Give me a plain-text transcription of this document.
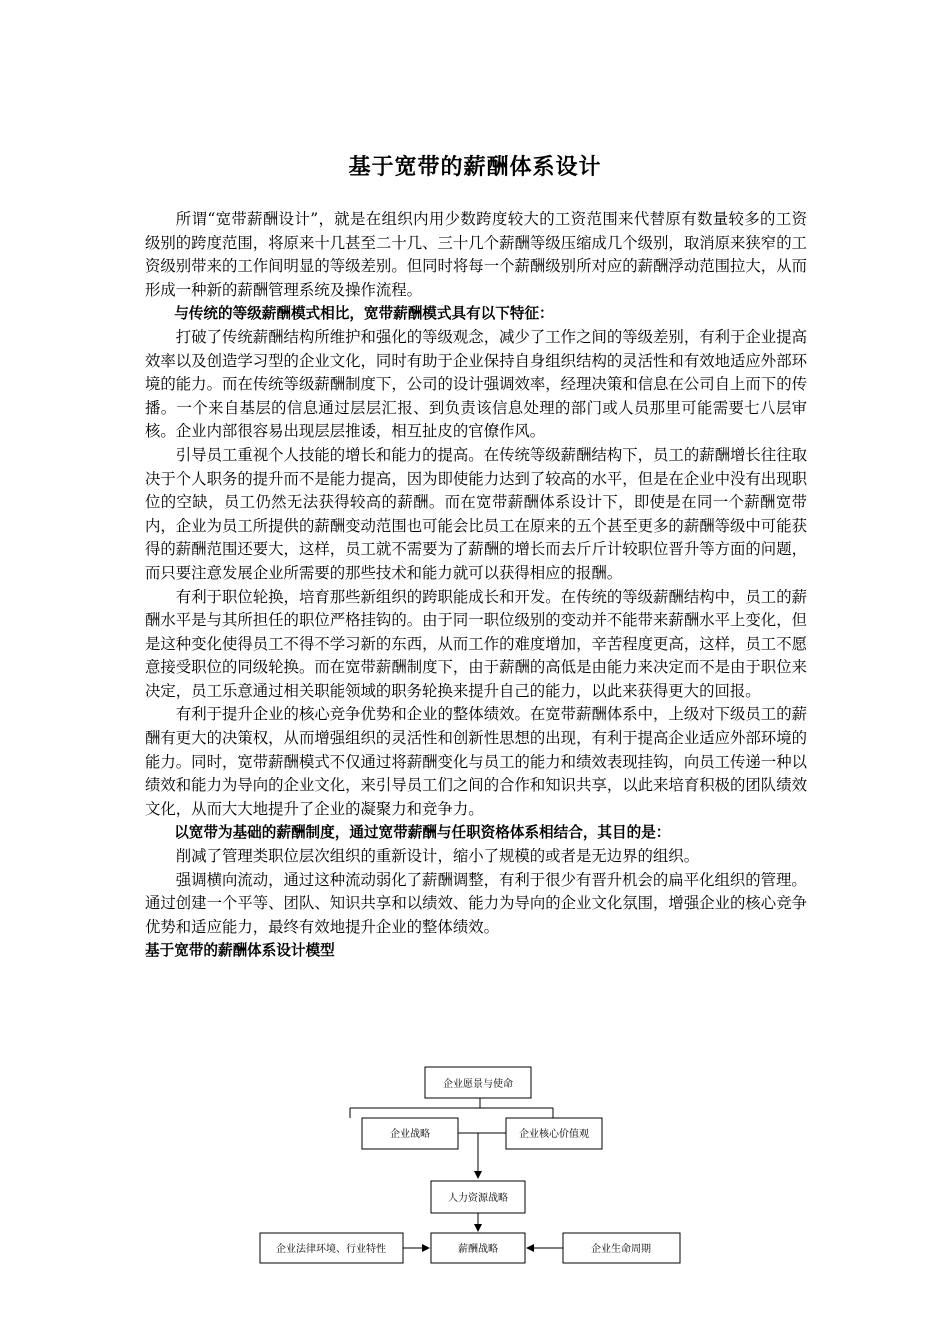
基于宽带的薪酬体系设计

所谓“宽带薪酬设计”，就是在组织内用少数跨度较大的工资范围来代替原有数量较多的工资级别的跨度范围，将原来十几甚至二十几、三十几个薪酬等级压缩成几个级别，取消原来狭窄的工资级别带来的工作间明显的等级差别。但同时将每一个薪酬级别所对应的薪酬浮动范围拉大，从而形成一种新的薪酬管理系统及操作流程。

与传统的等级薪酬模式相比，宽带薪酬模式具有以下特征：

打破了传统薪酬结构所维护和强化的等级观念，减少了工作之间的等级差别，有利于企业提高效率以及创造学习型的企业文化，同时有助于企业保持自身组织结构的灵活性和有效地适应外部环境的能力。而在传统等级薪酬制度下，公司的设计强调效率，经理决策和信息在公司自上而下的传播。一个来自基层的信息通过层层汇报、到负责该信息处理的部门或人员那里可能需要七八层审核。企业内部很容易出现层层推诿，相互扯皮的官僚作风。

引导员工重视个人技能的增长和能力的提高。在传统等级薪酬结构下，员工的薪酬增长往往取决于个人职务的提升而不是能力提高，因为即使能力达到了较高的水平，但是在企业中没有出现职位的空缺，员工仍然无法获得较高的薪酬。而在宽带薪酬体系设计下，即使是在同一个薪酬宽带内，企业为员工所提供的薪酬变动范围也可能会比员工在原来的五个甚至更多的薪酬等级中可能获得的薪酬范围还要大，这样，员工就不需要为了薪酬的增长而去斤斤计较职位晋升等方面的问题，而只要注意发展企业所需要的那些技术和能力就可以获得相应的报酬。

有利于职位轮换，培育那些新组织的跨职能成长和开发。在传统的等级薪酬结构中，员工的薪酬水平是与其所担任的职位严格挂钩的。由于同一职位级别的变动并不能带来薪酬水平上变化，但是这种变化使得员工不得不学习新的东西，从而工作的难度增加，辛苦程度更高，这样，员工不愿意接受职位的同级轮换。而在宽带薪酬制度下，由于薪酬的高低是由能力来决定而不是由于职位来决定，员工乐意通过相关职能领域的职务轮换来提升自己的能力，以此来获得更大的回报。

有利于提升企业的核心竞争优势和企业的整体绩效。在宽带薪酬体系中，上级对下级员工的薪酬有更大的决策权，从而增强组织的灵活性和创新性思想的出现，有利于提高企业适应外部环境的能力。同时，宽带薪酬模式不仅通过将薪酬变化与员工的能力和绩效表现挂钩，向员工传递一种以绩效和能力为导向的企业文化，来引导员工们之间的合作和知识共享，以此来培育积极的团队绩效文化，从而大大地提升了企业的凝聚力和竞争力。

以宽带为基础的薪酬制度，通过宽带薪酬与任职资格体系相结合，其目的是：

削减了管理类职位层次组织的重新设计，缩小了规模的或者是无边界的组织。

强调横向流动，通过这种流动弱化了薪酬调整，有利于很少有晋升机会的扁平化组织的管理。

通过创建一个平等、团队、知识共享和以绩效、能力为导向的企业文化氛围，增强企业的核心竞争优势和适应能力，最终有效地提升企业的整体绩效。

基于宽带的薪酬体系设计模型

企业愿景与使命
企业战略	企业核心价值观
人力资源战略
企业法律环境、行业特性	薪酬战略	企业生命周期
